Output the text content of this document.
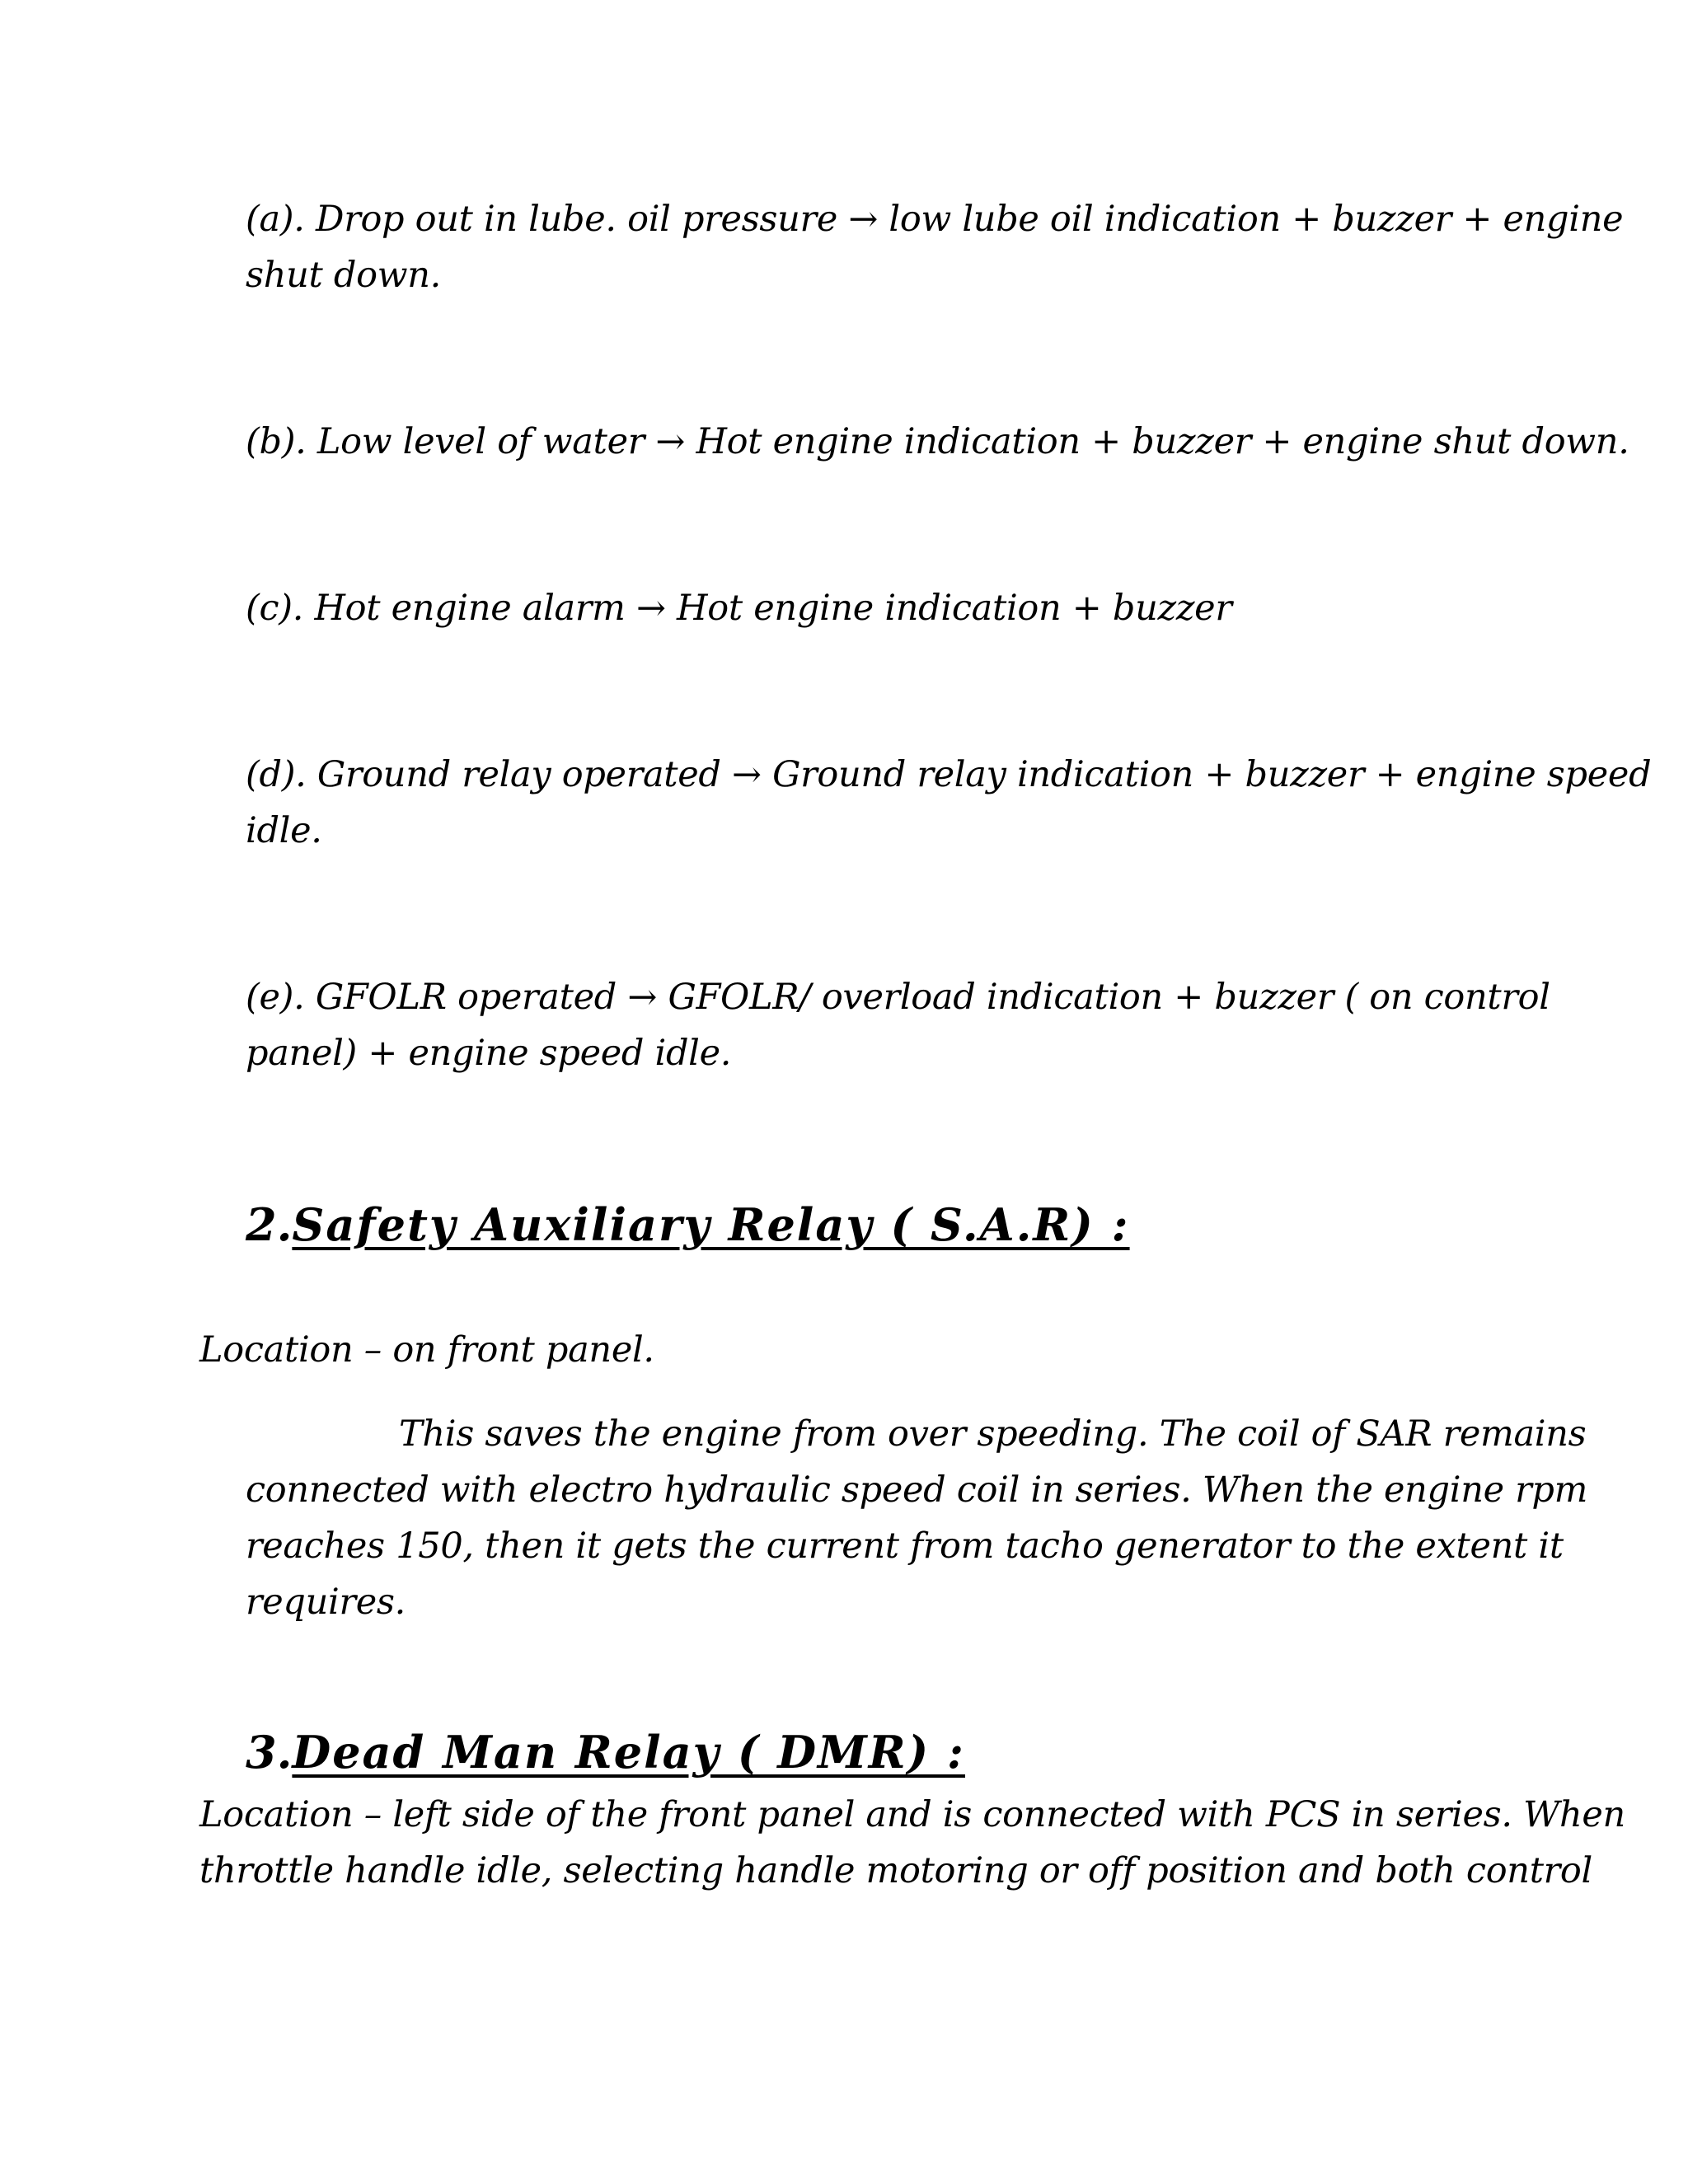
(a). Drop out in lube. oil pressure → low lube oil indication + buzzer + engine
shut down.
(b). Low level of water → Hot engine indication + buzzer + engine shut down.
(c). Hot engine alarm → Hot engine indication + buzzer
(d). Ground relay operated → Ground relay indication + buzzer + engine speed
idle.
(e). GFOLR operated → GFOLR/ overload indication + buzzer ( on control
panel) + engine speed idle.
2.Safety Auxiliary Relay ( S.A.R) :
Location – on front panel.
This saves the engine from over speeding. The coil of SAR remains
connected with electro hydraulic speed coil in series. When the engine rpm
reaches 150, then it gets the current from tacho generator to the extent it
requires.
3.Dead Man Relay ( DMR) :
Location – left side of the front panel and is connected with PCS in series. When
throttle handle idle, selecting handle motoring or off position and both control
